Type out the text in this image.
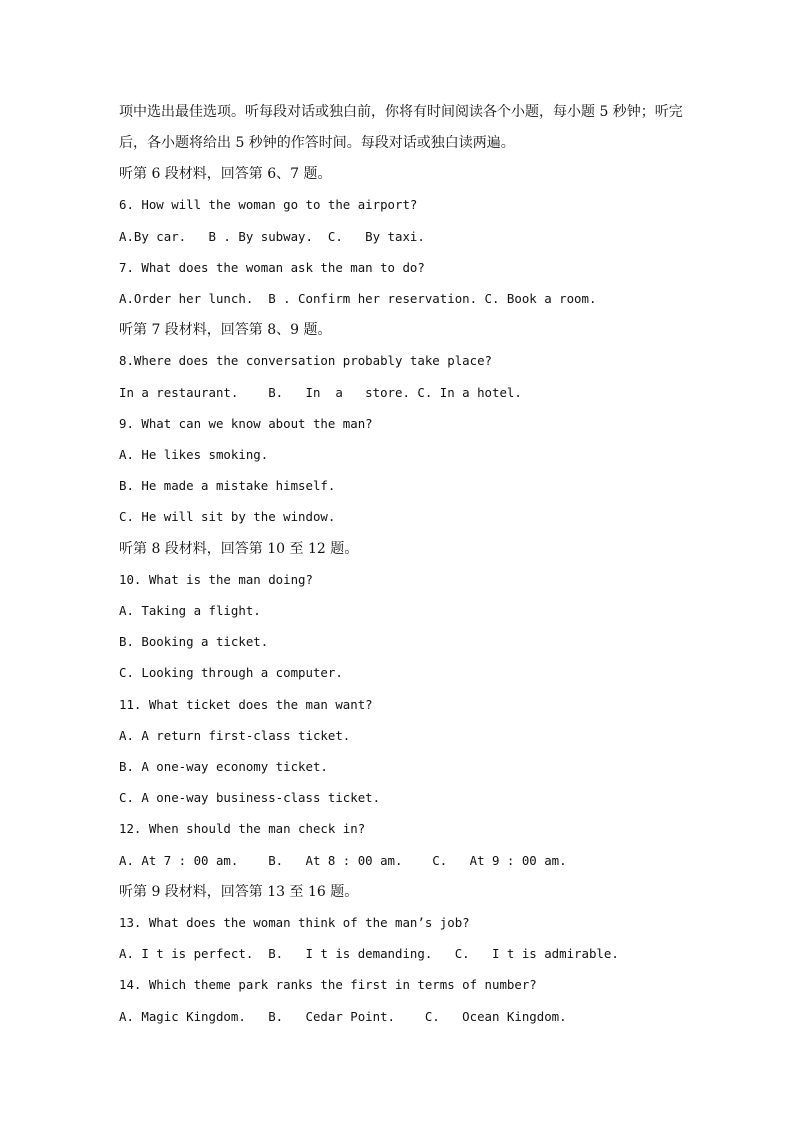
项中选出最佳选项。听每段对话或独白前，你将有时间阅读各个小题，每小题 5 秒钟；听完
后，各小题将给出 5 秒钟的作答时间。每段对话或独白读两遍。
听第 6 段材料，回答第 6、7 题。
6. How will the woman go to the airport?
A.By car.   B . By subway.  C.   By taxi.
7. What does the woman ask the man to do?
A.Order her lunch.  B . Confirm her reservation. C. Book a room.
听第 7 段材料，回答第 8、9 题。
8.Where does the conversation probably take place?
In a restaurant.    B.   In  a   store. C. In a hotel.
9. What can we know about the man?
A. He likes smoking.
B. He made a mistake himself.
C. He will sit by the window.
听第 8 段材料，回答第 10 至 12 题。
10. What is the man doing?
A. Taking a flight.
B. Booking a ticket.
C. Looking through a computer.
11. What ticket does the man want?
A. A return first-class ticket.
B. A one-way economy ticket.
C. A one-way business-class ticket.
12. When should the man check in?
A. At 7 : 00 am.    B.   At 8 : 00 am.    C.   At 9 : 00 am.
听第 9 段材料，回答第 13 至 16 题。
13. What does the woman think of the man’s job?
A. I t is perfect.  B.   I t is demanding.   C.   I t is admirable.
14. Which theme park ranks the first in terms of number?
A. Magic Kingdom.   B.   Cedar Point.    C.   Ocean Kingdom.
